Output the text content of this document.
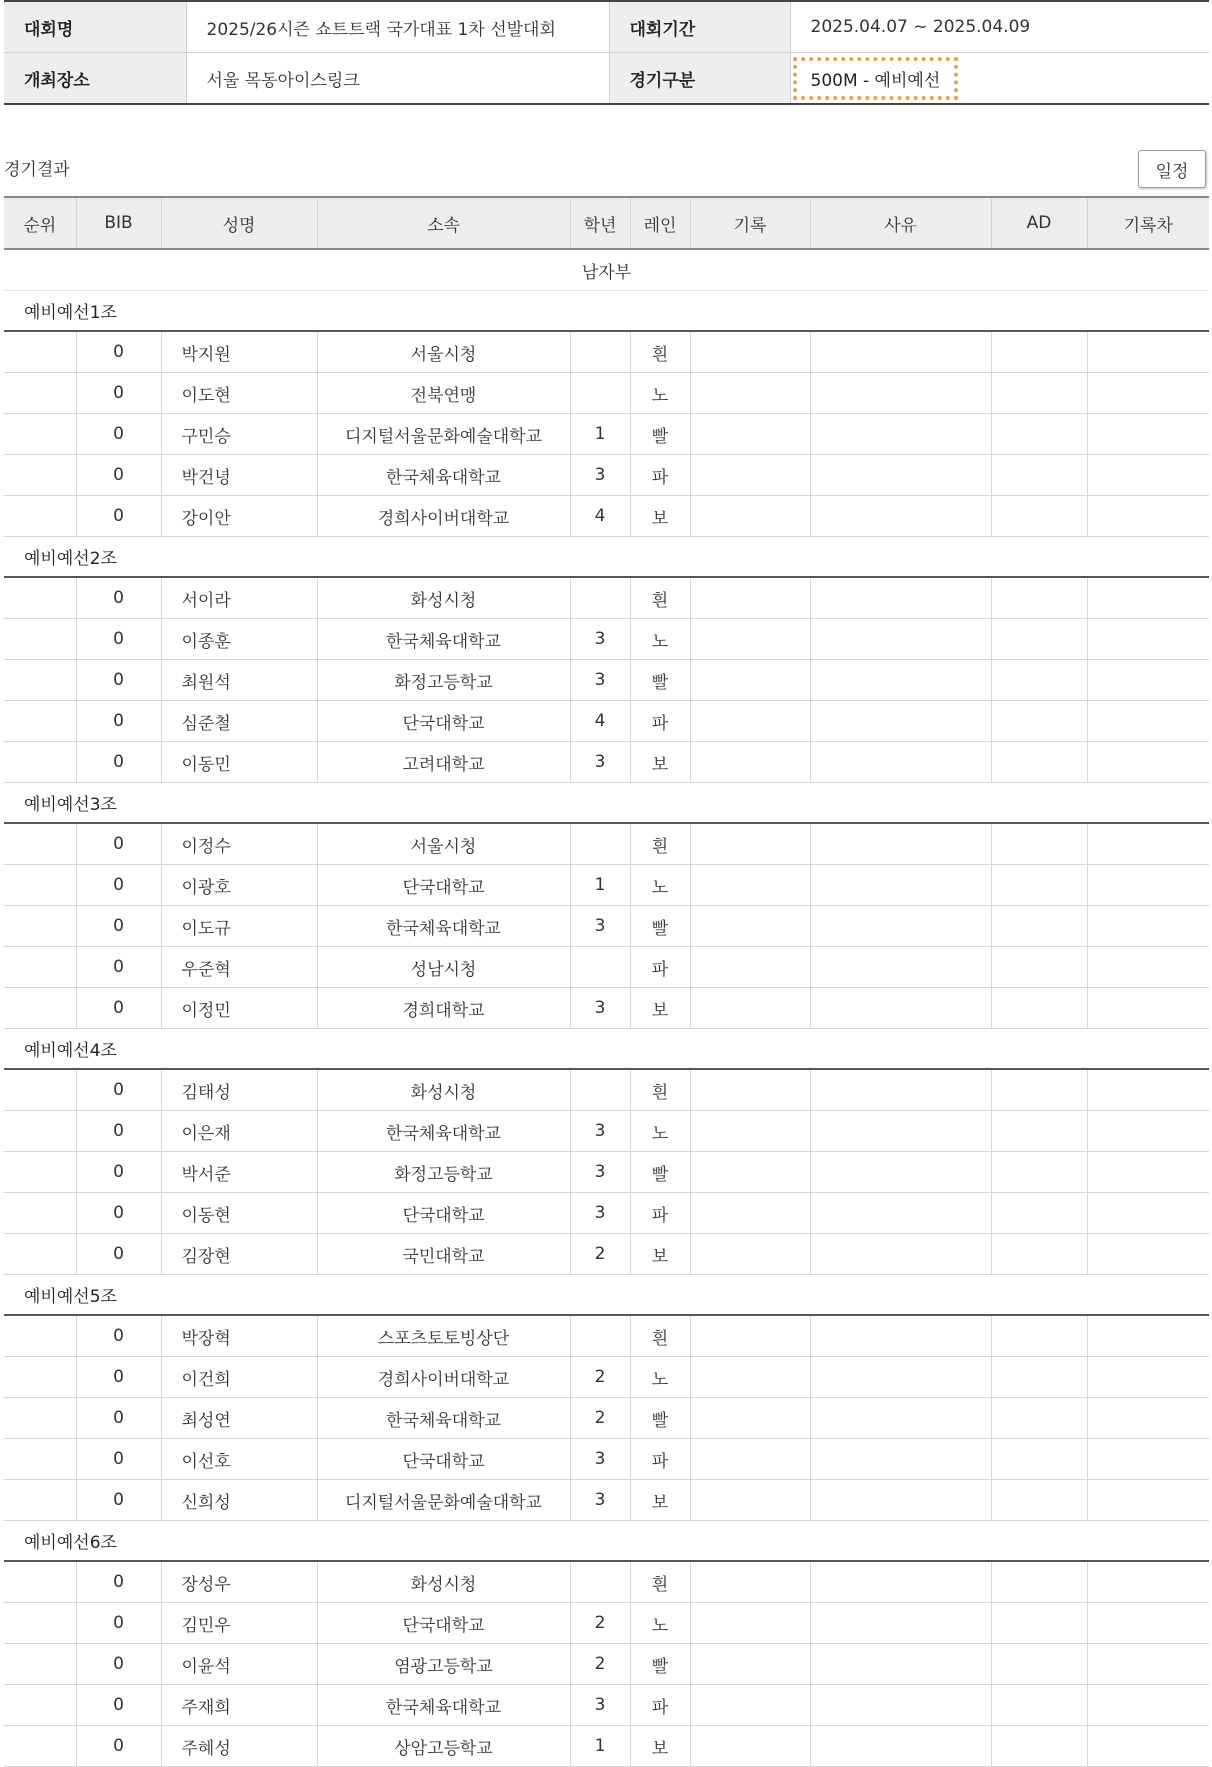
대회명	2025/26시즌 쇼트트랙 국가대표 1차 선발대회	대회기간	2025.04.07 ~ 2025.04.09
개최장소	서울 목동아이스링크	경기구분	500M - 예비예선
경기결과	일정
순위	BIB	성명	소속	학년	레인	기록	사유	AD	기록차
남자부									
예비예선1조									
	0	박지원	서울시청		흰				
	0	이도현	전북연맹		노				
	0	구민승	디지털서울문화예술대학교	1	빨				
	0	박건녕	한국체육대학교	3	파				
	0	강이안	경희사이버대학교	4	보				
예비예선2조									
	0	서이라	화성시청		흰				
	0	이종훈	한국체육대학교	3	노				
	0	최원석	화정고등학교	3	빨				
	0	심준철	단국대학교	4	파				
	0	이동민	고려대학교	3	보				
예비예선3조									
	0	이정수	서울시청		흰				
	0	이광호	단국대학교	1	노				
	0	이도규	한국체육대학교	3	빨				
	0	우준혁	성남시청		파				
	0	이정민	경희대학교	3	보				
예비예선4조									
	0	김태성	화성시청		흰				
	0	이은재	한국체육대학교	3	노				
	0	박서준	화정고등학교	3	빨				
	0	이동현	단국대학교	3	파				
	0	김장현	국민대학교	2	보				
예비예선5조									
	0	박장혁	스포츠토토빙상단		흰				
	0	이건희	경희사이버대학교	2	노				
	0	최성연	한국체육대학교	2	빨				
	0	이선호	단국대학교	3	파				
	0	신희성	디지털서울문화예술대학교	3	보				
예비예선6조									
	0	장성우	화성시청		흰				
	0	김민우	단국대학교	2	노				
	0	이윤석	염광고등학교	2	빨				
	0	주재희	한국체육대학교	3	파				
	0	주혜성	상암고등학교	1	보				
